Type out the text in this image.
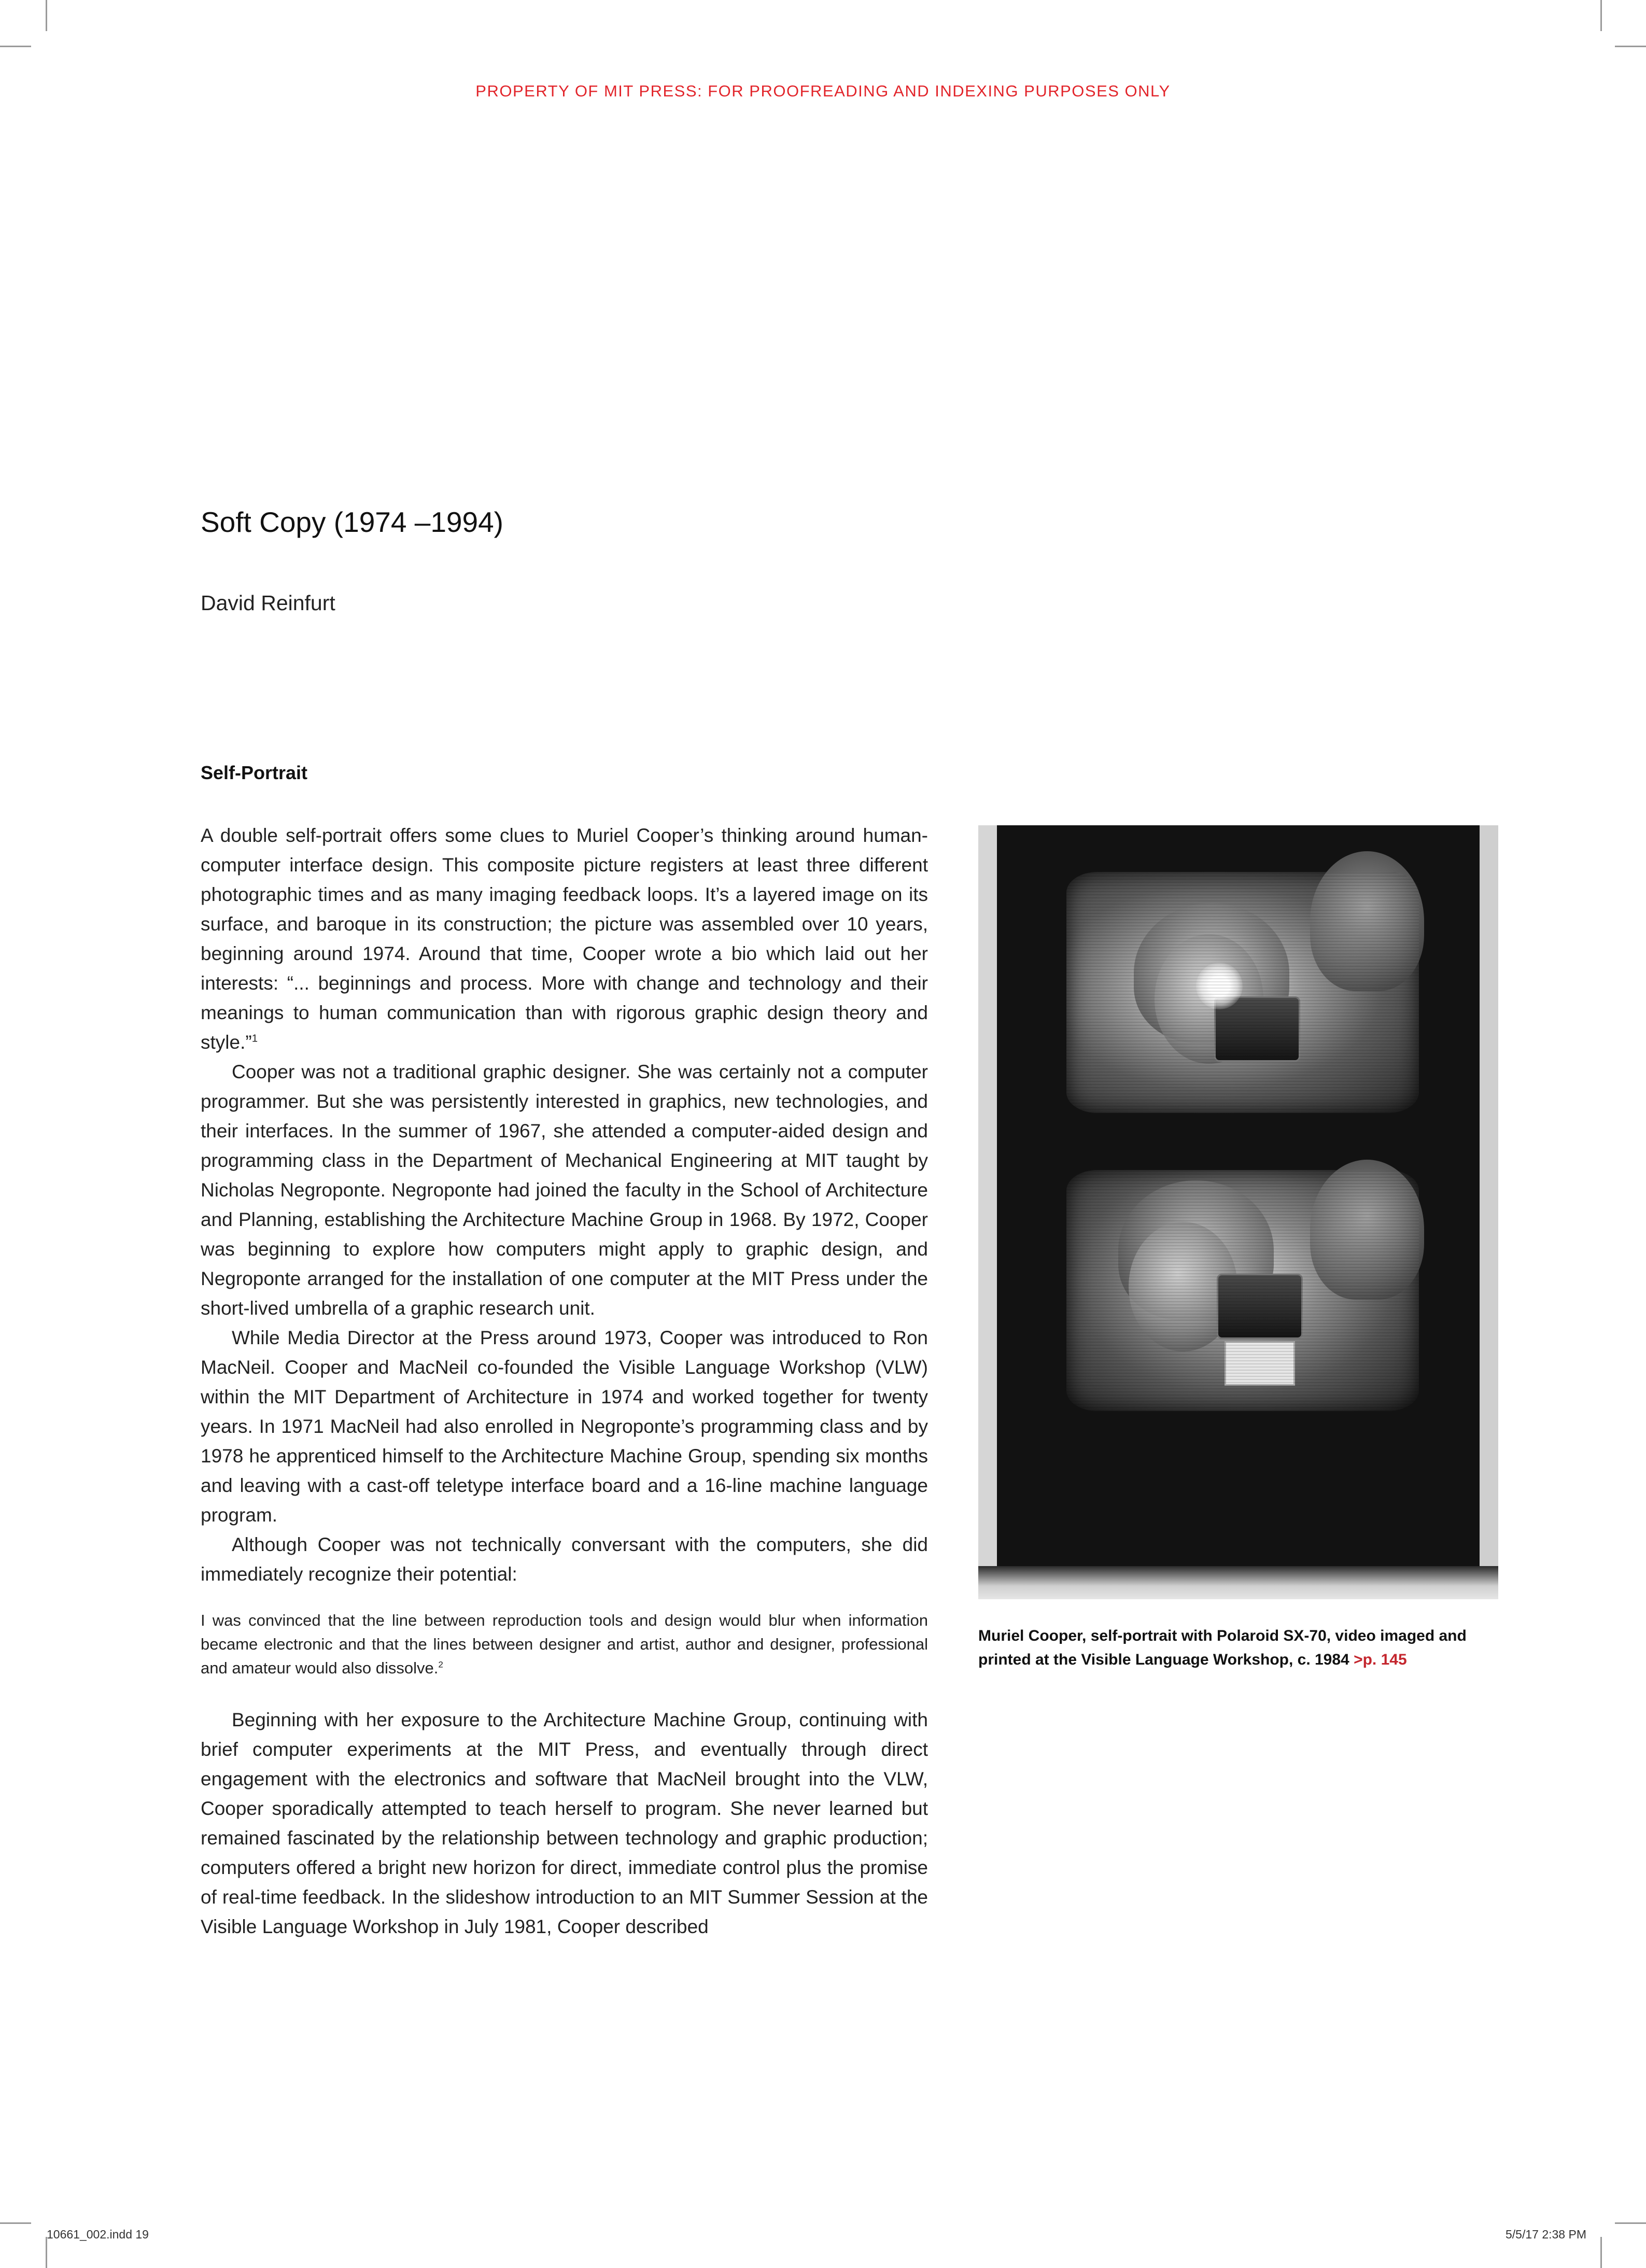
PROPERTY OF MIT PRESS: FOR PROOFREADING AND INDEXING PURPOSES ONLY
Soft Copy (1974 –1994)
David Reinfurt
Self-Portrait

A double self-portrait offers some clues to Muriel Cooper’s thinking around human-computer interface design. This composite picture registers at least three different photographic times and as many imaging feedback loops. It’s a layered image on its surface, and baroque in its construction; the picture was assembled over 10 years, beginning around 1974. Around that time, Cooper wrote a bio which laid out her interests: “... beginnings and process. More with change and technology and their meanings to human communication than with rigorous graphic design theory and style.”$^1$

Cooper was not a traditional graphic designer. She was certainly not a computer programmer. But she was persistently interested in graphics, new technologies, and their interfaces. In the summer of 1967, she attended a computer-aided design and programming class in the Department of Mechanical Engineering at MIT taught by Nicholas Negroponte. Negroponte had joined the faculty in the School of Architecture and Planning, establishing the Architecture Machine Group in 1968. By 1972, Cooper was beginning to explore how computers might apply to graphic design, and Negroponte arranged for the installation of one computer at the MIT Press under the short-lived umbrella of a graphic research unit.

While Media Director at the Press around 1973, Cooper was introduced to Ron MacNeil. Cooper and MacNeil co-founded the Visible Language Workshop (VLW) within the MIT Department of Architecture in 1974 and worked together for twenty years. In 1971 MacNeil had also enrolled in Negroponte’s programming class and by 1978 he apprenticed himself to the Architecture Machine Group, spending six months and leaving with a cast-off teletype interface board and a 16-line machine language program.

Although Cooper was not technically conversant with the computers, she did immediately recognize their potential:

I was convinced that the line between reproduction tools and design would blur when information became electronic and that the lines between designer and artist, author and designer, professional and amateur would also dissolve.$^2$

Beginning with her exposure to the Architecture Machine Group, continuing with brief computer experiments at the MIT Press, and eventually through direct engagement with the electronics and software that MacNeil brought into the VLW, Cooper sporadically attempted to teach herself to program. She never learned but remained fascinated by the relationship between technology and graphic production; computers offered a bright new horizon for direct, immediate control plus the promise of real-time feedback. In the slideshow introduction to an MIT Summer Session at the Visible Language Workshop in July 1981, Cooper described

Muriel Cooper, self-portrait with Polaroid SX-70, video imaged and printed at the Visible Language Workshop, c. 1984 >p. 145
10661_002.indd 19	5/5/17 2:38 PM
